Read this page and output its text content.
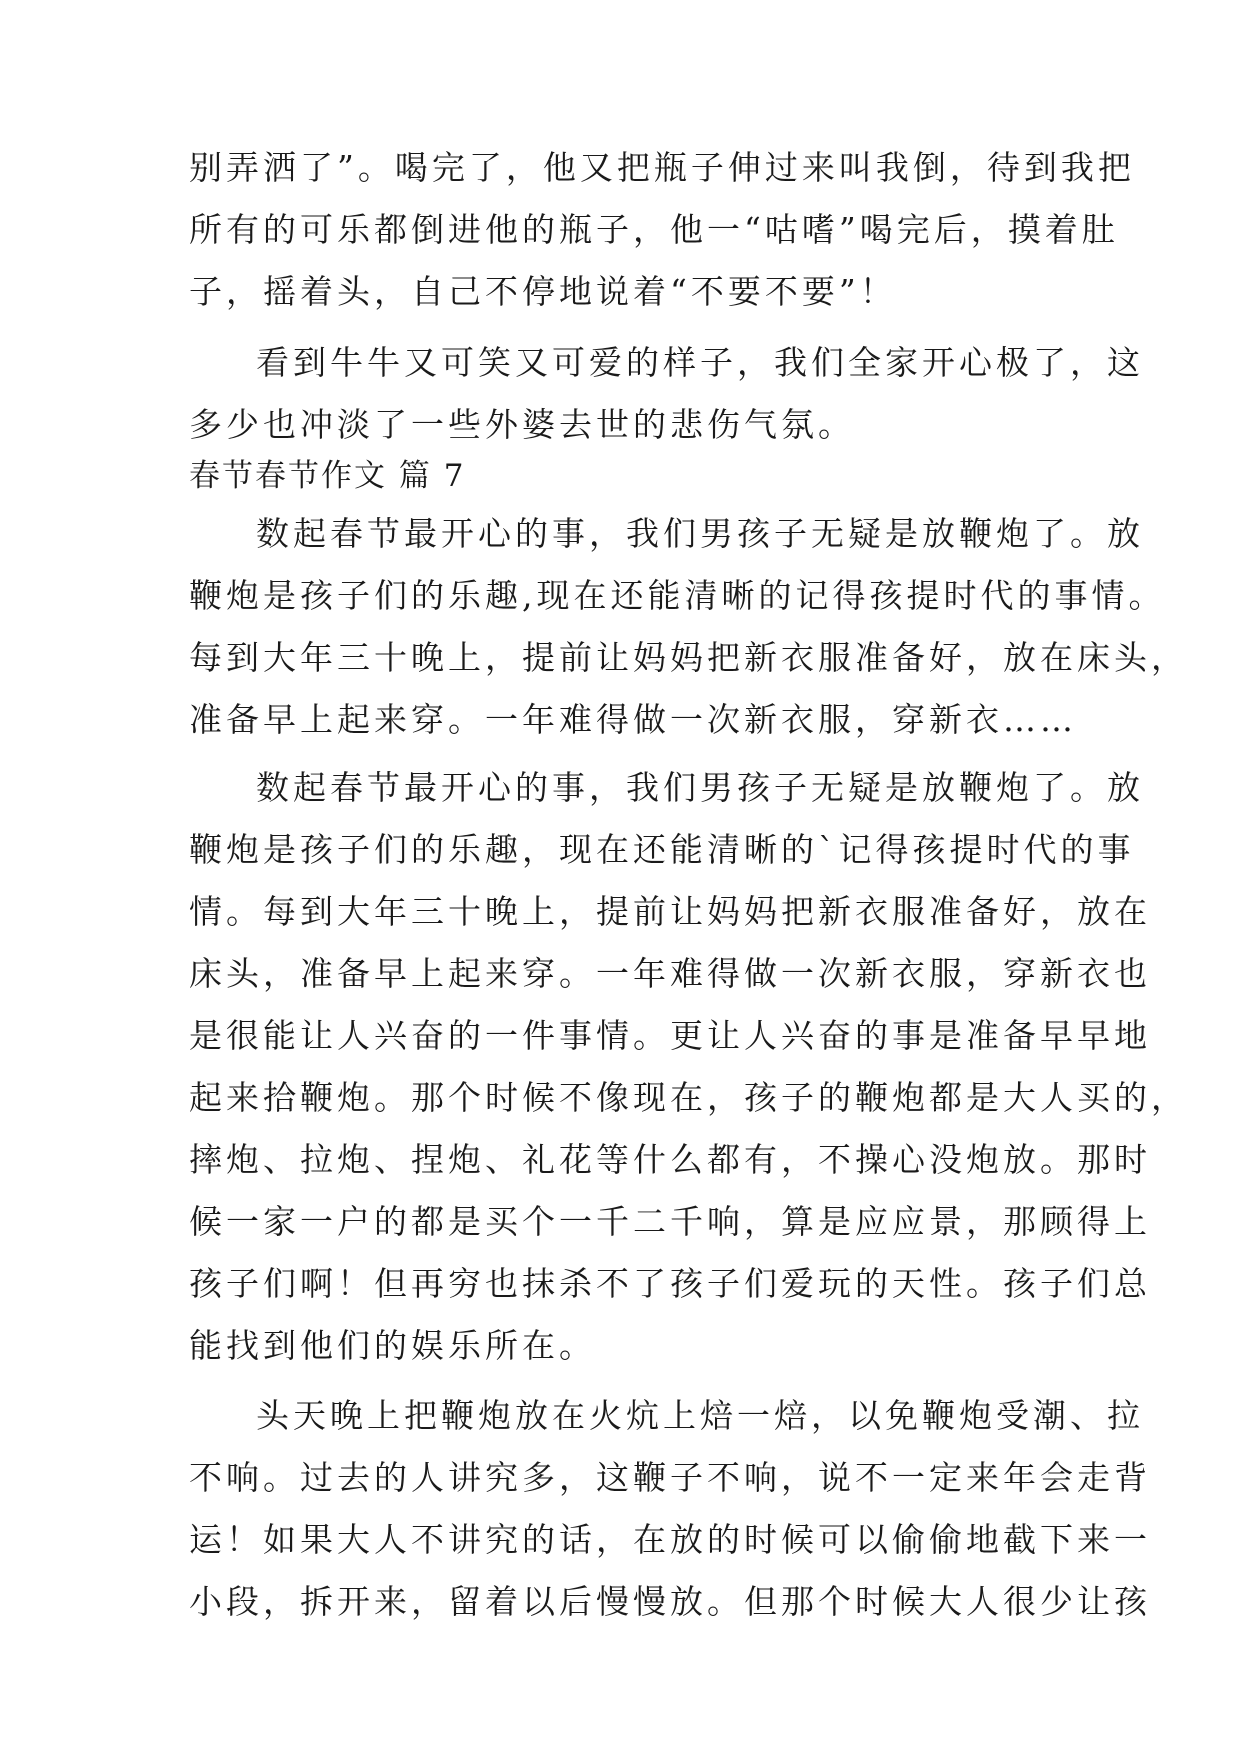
别弄洒了”。喝完了，他又把瓶子伸过来叫我倒，待到我把
所有的可乐都倒进他的瓶子，他一“咕嗜”喝完后，摸着肚
子，摇着头，自己不停地说着“不要不要”！
看到牛牛又可笑又可爱的样子，我们全家开心极了，这
多少也冲淡了一些外婆去世的悲伤气氛。
春节春节作文 篇 7
数起春节最开心的事，我们男孩子无疑是放鞭炮了。放
鞭炮是孩子们的乐趣,现在还能清晰的记得孩提时代的事情。
每到大年三十晚上，提前让妈妈把新衣服准备好，放在床头，
准备早上起来穿。一年难得做一次新衣服，穿新衣……
数起春节最开心的事，我们男孩子无疑是放鞭炮了。放
鞭炮是孩子们的乐趣，现在还能清晰的`记得孩提时代的事
情。每到大年三十晚上，提前让妈妈把新衣服准备好，放在
床头，准备早上起来穿。一年难得做一次新衣服，穿新衣也
是很能让人兴奋的一件事情。更让人兴奋的事是准备早早地
起来拾鞭炮。那个时候不像现在，孩子的鞭炮都是大人买的，
摔炮、拉炮、捏炮、礼花等什么都有，不操心没炮放。那时
候一家一户的都是买个一千二千响，算是应应景，那顾得上
孩子们啊！但再穷也抹杀不了孩子们爱玩的天性。孩子们总
能找到他们的娱乐所在。
头天晚上把鞭炮放在火炕上焙一焙，以免鞭炮受潮、拉
不响。过去的人讲究多，这鞭子不响，说不一定来年会走背
运！如果大人不讲究的话，在放的时候可以偷偷地截下来一
小段，拆开来，留着以后慢慢放。但那个时候大人很少让孩
